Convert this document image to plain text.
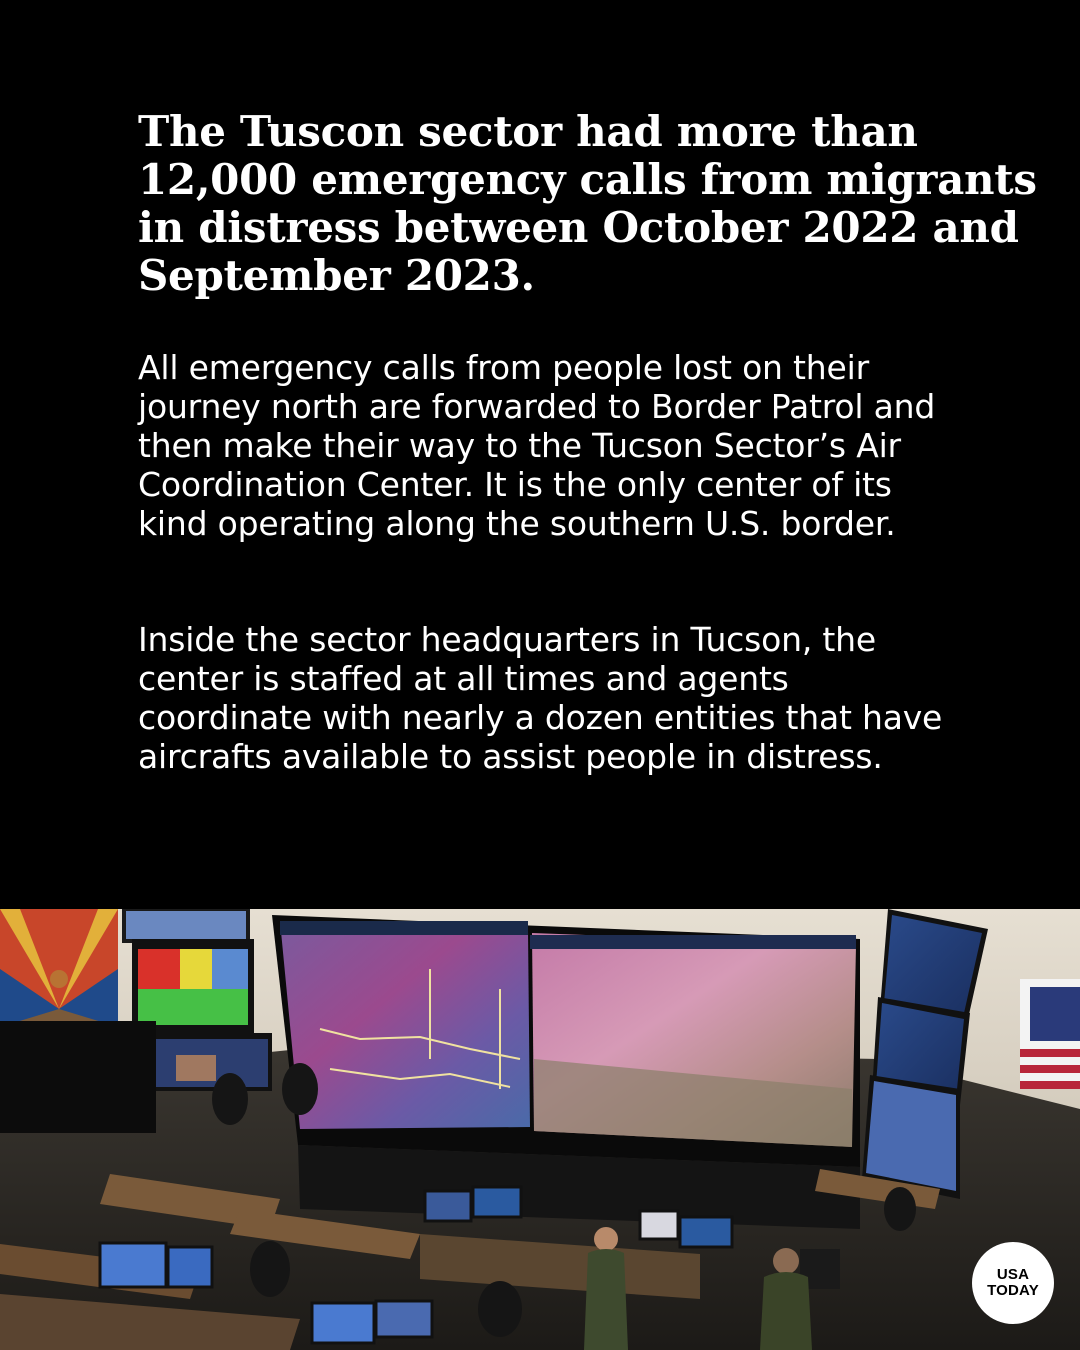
The Tuscon sector had more than 12,000 emergency calls from migrants in distress between October 2022 and September 2023.

All emergency calls from people lost on their journey north are forwarded to Border Patrol and then make their way to the Tucson Sector’s Air Coordination Center. It is the only center of its kind operating along the southern U.S. border.

Inside the sector headquarters in Tucson, the center is staffed at all times and agents coordinate with nearly a dozen entities that have aircrafts available to assist people in distress.

USA
TODAY
